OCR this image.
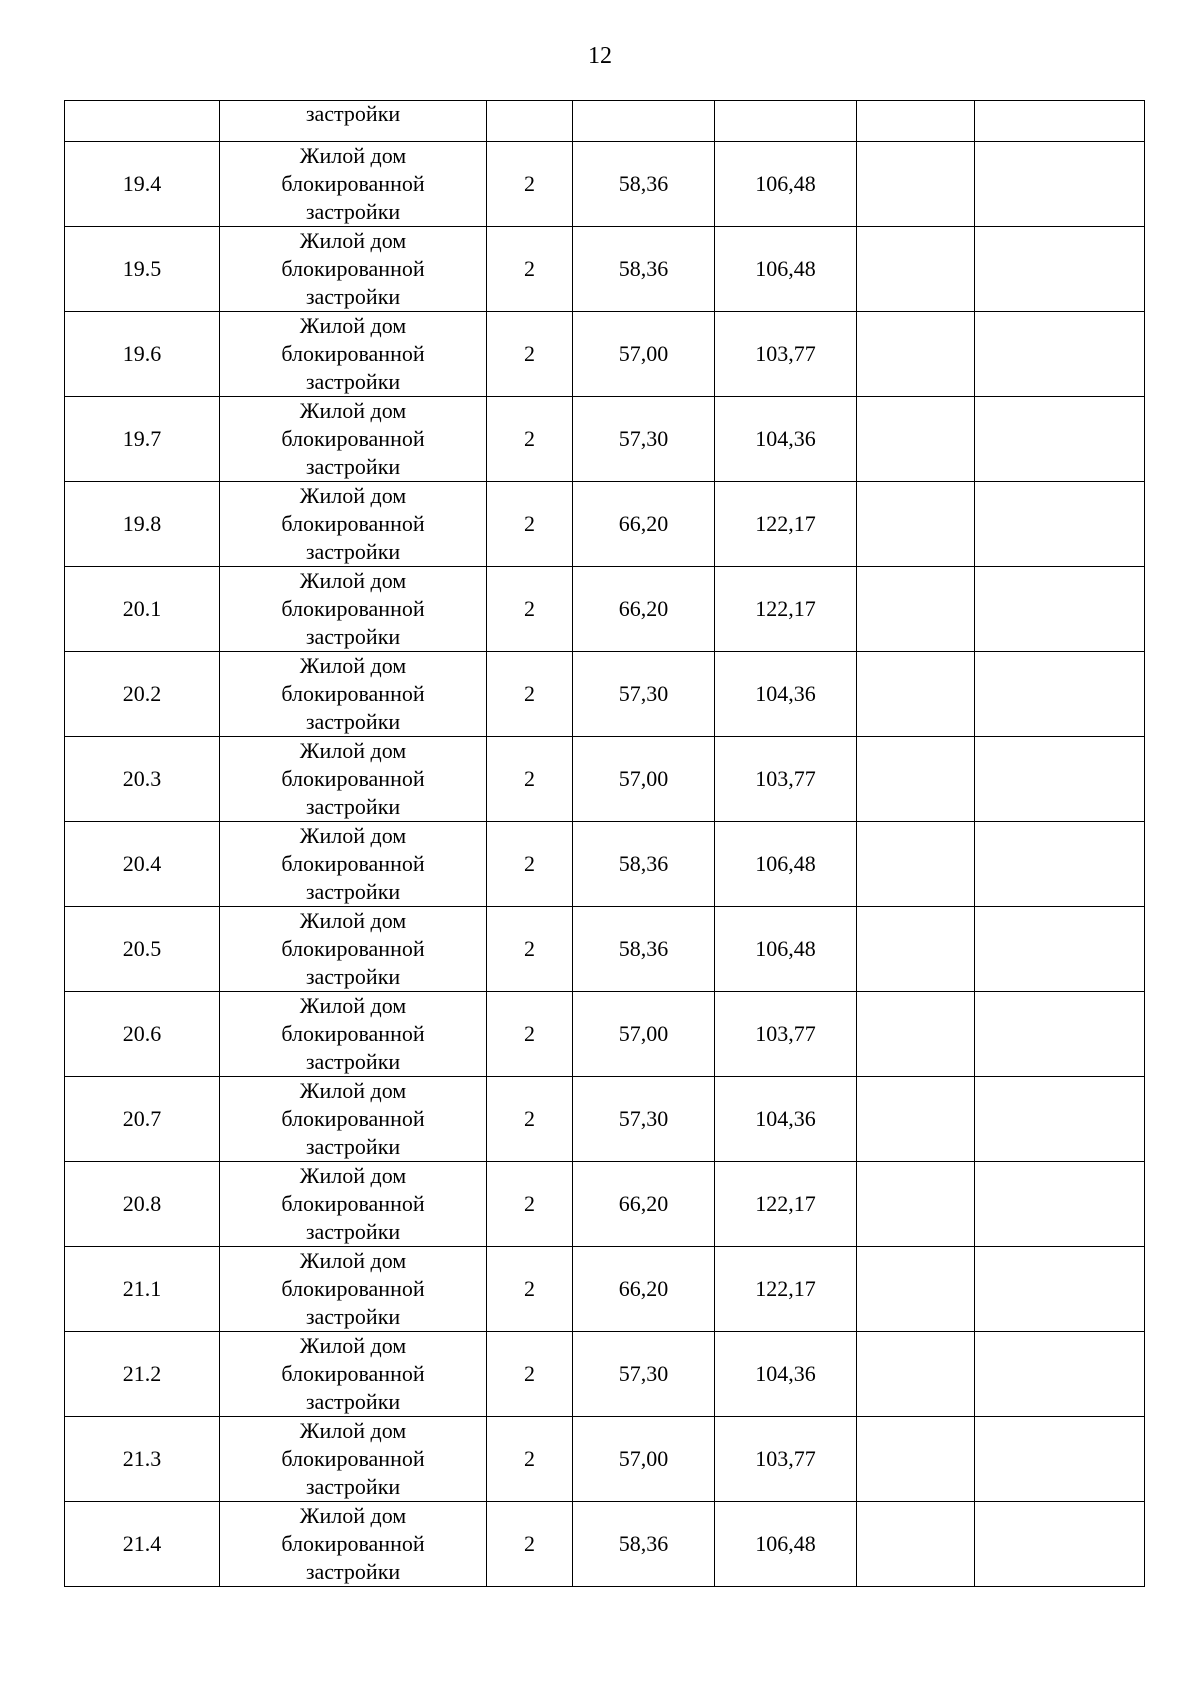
12
	застройки					
19.4	Жилой дом
блокированной
застройки	2	58,36	106,48		
19.5	Жилой дом
блокированной
застройки	2	58,36	106,48		
19.6	Жилой дом
блокированной
застройки	2	57,00	103,77		
19.7	Жилой дом
блокированной
застройки	2	57,30	104,36		
19.8	Жилой дом
блокированной
застройки	2	66,20	122,17		
20.1	Жилой дом
блокированной
застройки	2	66,20	122,17		
20.2	Жилой дом
блокированной
застройки	2	57,30	104,36		
20.3	Жилой дом
блокированной
застройки	2	57,00	103,77		
20.4	Жилой дом
блокированной
застройки	2	58,36	106,48		
20.5	Жилой дом
блокированной
застройки	2	58,36	106,48		
20.6	Жилой дом
блокированной
застройки	2	57,00	103,77		
20.7	Жилой дом
блокированной
застройки	2	57,30	104,36		
20.8	Жилой дом
блокированной
застройки	2	66,20	122,17		
21.1	Жилой дом
блокированной
застройки	2	66,20	122,17		
21.2	Жилой дом
блокированной
застройки	2	57,30	104,36		
21.3	Жилой дом
блокированной
застройки	2	57,00	103,77		
21.4	Жилой дом
блокированной
застройки	2	58,36	106,48		
